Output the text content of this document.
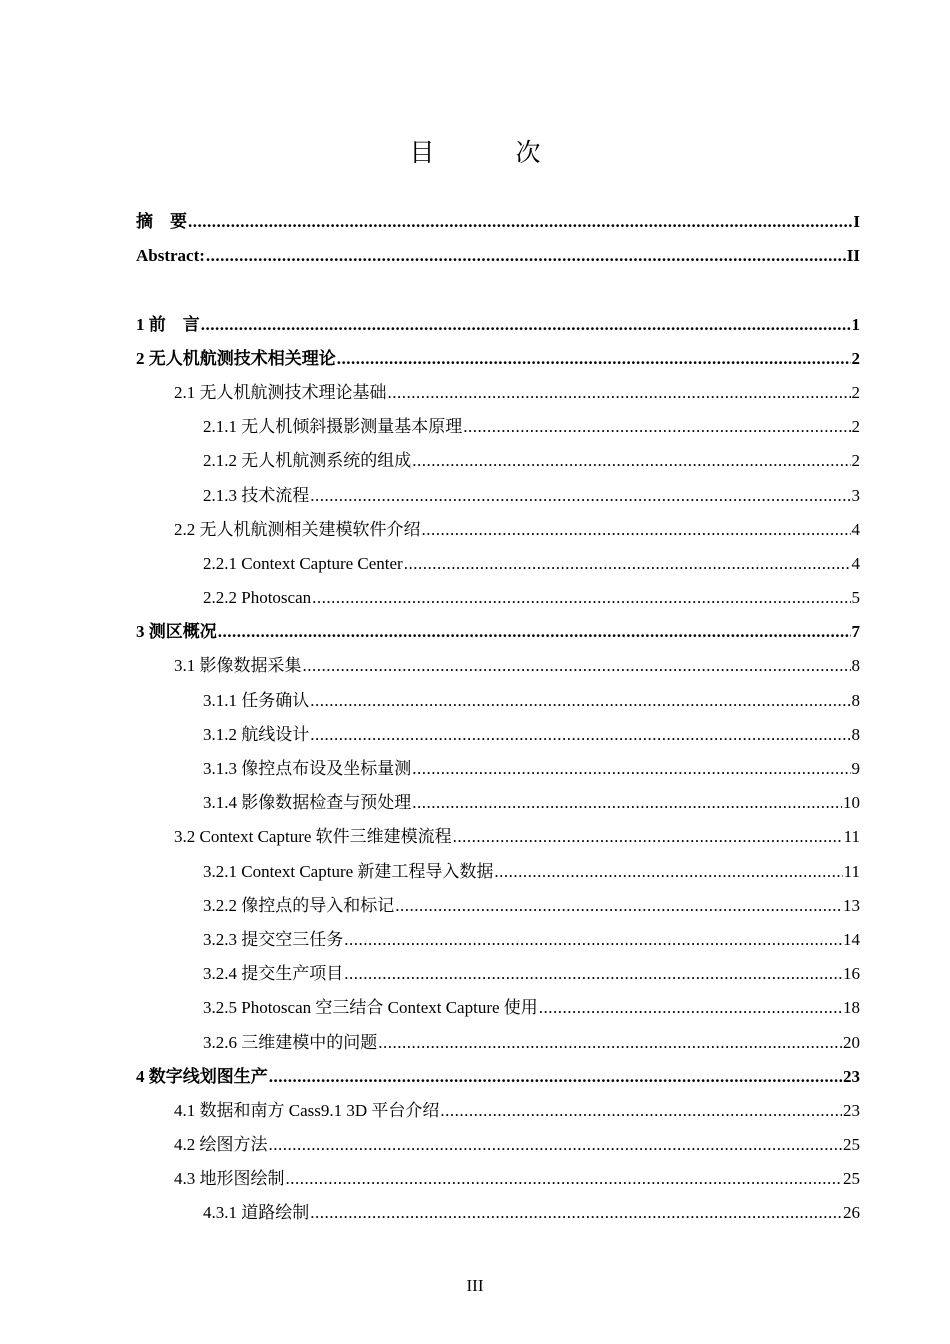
目　次
摘　要 .....	I
Abstract: .....	II
1 前　言 .....	1
2 无人机航测技术相关理论 .....	2
2.1 无人机航测技术理论基础 .....	2
2.1.1 无人机倾斜摄影测量基本原理 .....	2
2.1.2 无人机航测系统的组成 .....	2
2.1.3 技术流程 .....	3
2.2 无人机航测相关建模软件介绍 .....	4
2.2.1 Context Capture Center .....	4
2.2.2 Photoscan .....	5
3 测区概况 .....	7
3.1 影像数据采集 .....	8
3.1.1 任务确认 .....	8
3.1.2 航线设计 .....	8
3.1.3 像控点布设及坐标量测 .....	9
3.1.4 影像数据检查与预处理 .....	10
3.2 Context Capture 软件三维建模流程 .....	11
3.2.1 Context Capture 新建工程导入数据 .....	11
3.2.2 像控点的导入和标记 .....	13
3.2.3 提交空三任务 .....	14
3.2.4 提交生产项目 .....	16
3.2.5 Photoscan 空三结合 Context Capture 使用 .....	18
3.2.6 三维建模中的问题 .....	20
4 数字线划图生产 .....	23
4.1 数据和南方 Cass9.1 3D 平台介绍 .....	23
4.2 绘图方法 .....	25
4.3 地形图绘制 .....	25
4.3.1 道路绘制 .....	26
III
